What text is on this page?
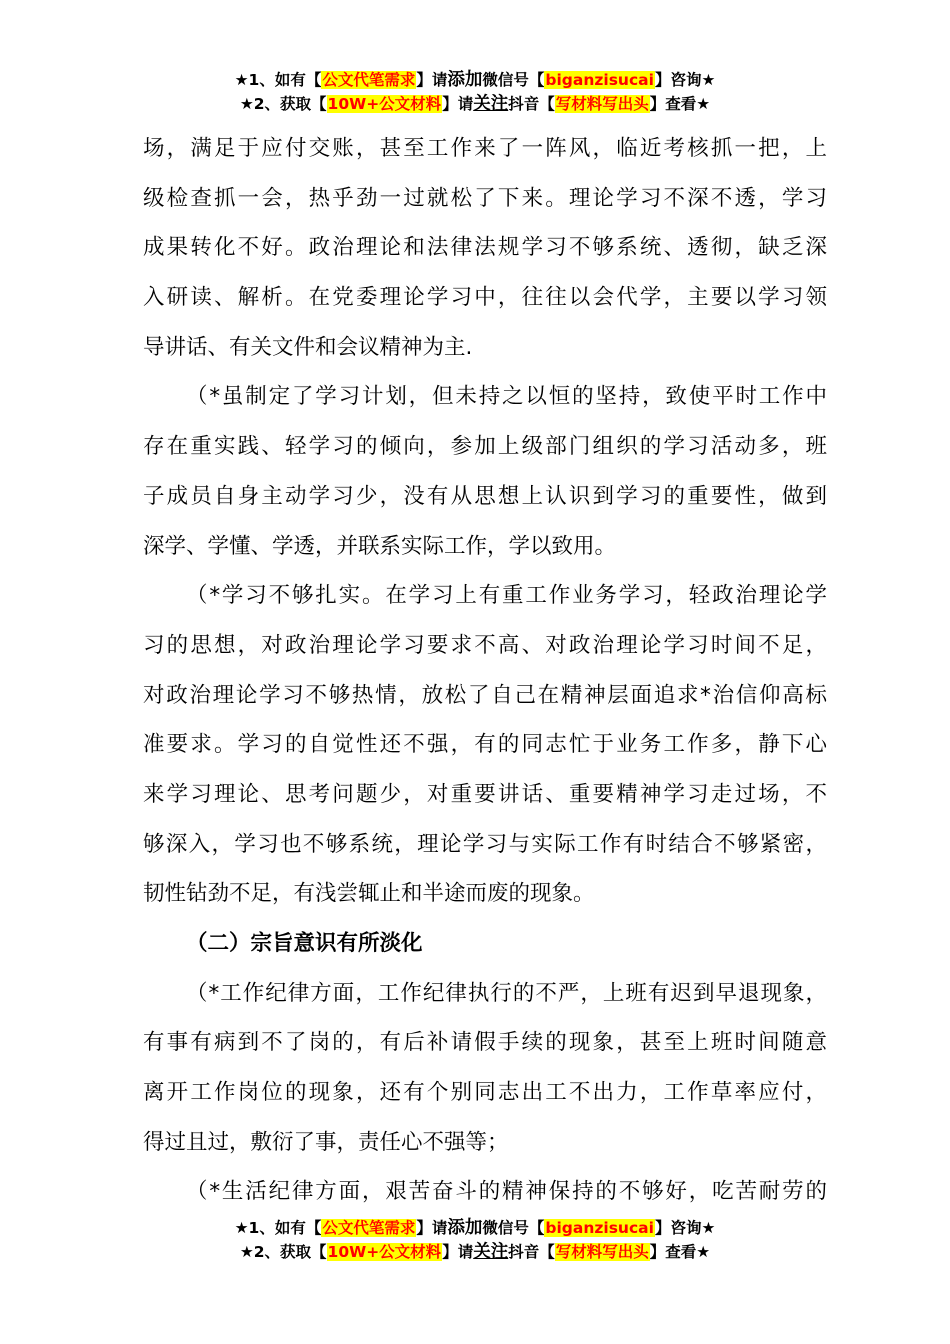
★1、如有【公文代笔需求】请添加微信号【biganzisucai】咨询★
★2、获取【10W+公文材料】请关注抖音【写材料写出头】查看★
场，满足于应付交账，甚至工作来了一阵风，临近考核抓一把，上
级检查抓一会，热乎劲一过就松了下来。理论学习不深不透，学习
成果转化不好。政治理论和法律法规学习不够系统、透彻，缺乏深
入研读、解析。在党委理论学习中，往往以会代学，主要以学习领
导讲话、有关文件和会议精神为主.
（*虽制定了学习计划，但未持之以恒的坚持，致使平时工作中
存在重实践、轻学习的倾向，参加上级部门组织的学习活动多，班
子成员自身主动学习少，没有从思想上认识到学习的重要性，做到
深学、学懂、学透，并联系实际工作，学以致用。
（*学习不够扎实。在学习上有重工作业务学习，轻政治理论学
习的思想，对政治理论学习要求不高、对政治理论学习时间不足，
对政治理论学习不够热情，放松了自己在精神层面追求*治信仰高标
准要求。学习的自觉性还不强，有的同志忙于业务工作多，静下心
来学习理论、思考问题少，对重要讲话、重要精神学习走过场，不
够深入，学习也不够系统，理论学习与实际工作有时结合不够紧密，
韧性钻劲不足，有浅尝辄止和半途而废的现象。
（二）宗旨意识有所淡化
（*工作纪律方面，工作纪律执行的不严，上班有迟到早退现象，
有事有病到不了岗的，有后补请假手续的现象，甚至上班时间随意
离开工作岗位的现象，还有个别同志出工不出力，工作草率应付，
得过且过，敷衍了事，责任心不强等；
（*生活纪律方面，艰苦奋斗的精神保持的不够好，吃苦耐劳的
★1、如有【公文代笔需求】请添加微信号【biganzisucai】咨询★
★2、获取【10W+公文材料】请关注抖音【写材料写出头】查看★
